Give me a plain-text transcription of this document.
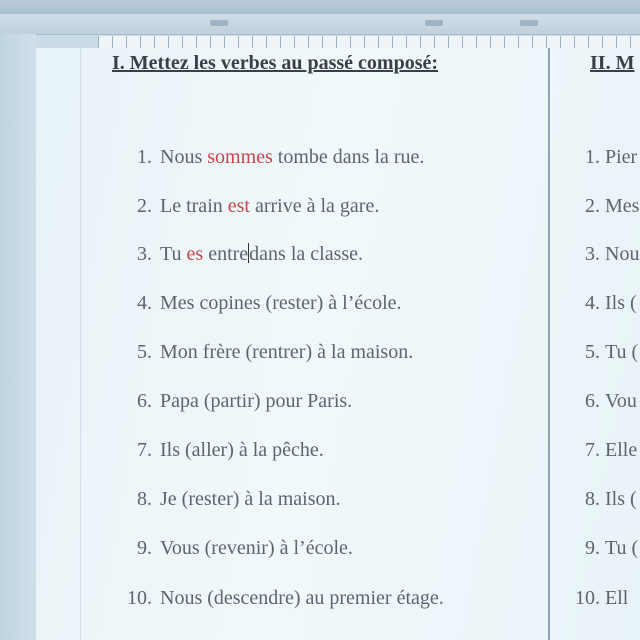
I. Mettez les verbes au passé composé:	II. M
1. Nous sommes tombe dans la rue.
2. Le train est arrive à la gare.
3. Tu es entredans la classe.
4. Mes copines (rester) à l’école.
5. Mon frère (rentrer) à la maison.
6. Papa (partir) pour Paris.
7. Ils (aller) à la pêche.
8. Je (rester) à la maison.
9. Vous (revenir) à l’école.
10. Nous (descendre) au premier étage.
1. Pier
2. Mes
3. Nou
4. Ils (
5. Tu (
6. Vou
7. Elle
8. Ils (
9. Tu (
10. Ell
